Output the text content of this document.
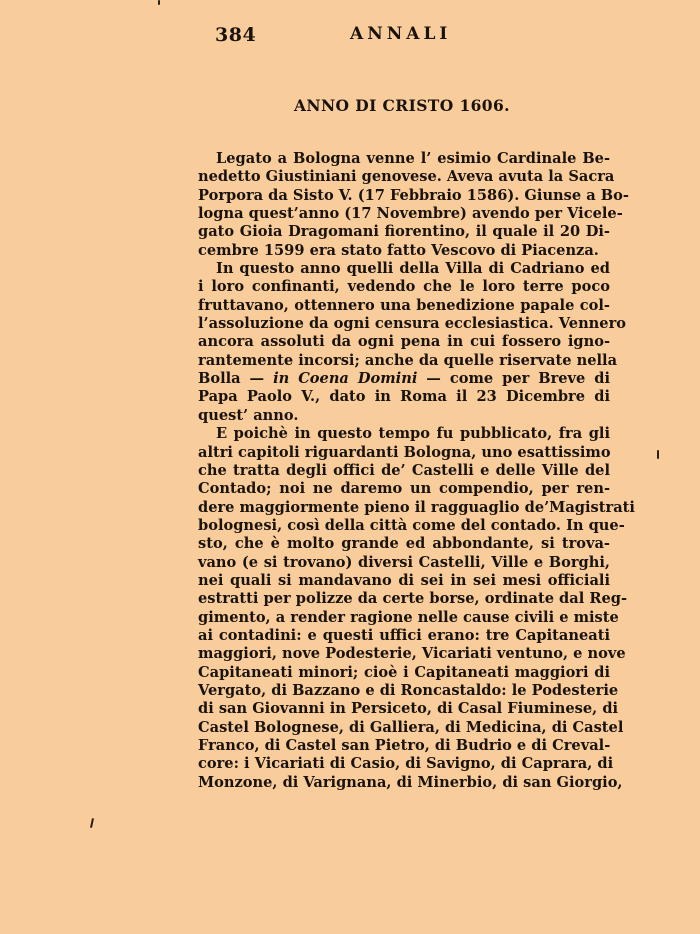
384	ANNALI
ANNO DI CRISTO 1606.
Legato a Bologna venne l’ esimio Cardinale Be-
nedetto Giustiniani genovese. Aveva avuta la Sacra
Porpora da Sisto V. (17 Febbraio 1586). Giunse a Bo-
logna quest’anno (17 Novembre) avendo per Vicele-
gato Gioia Dragomani fiorentino, il quale il 20 Di-
cembre 1599 era stato fatto Vescovo di Piacenza.
In questo anno quelli della Villa di Cadriano ed
i loro confinanti, vedendo che le loro terre poco
fruttavano, ottennero una benedizione papale col-
l’assoluzione da ogni censura ecclesiastica. Vennero
ancora assoluti da ogni pena in cui fossero igno-
rantemente incorsi; anche da quelle riservate nella
Bolla — in Coena Domini — come per Breve di
Papa Paolo V., dato in Roma il 23 Dicembre di
quest’ anno.
E poichè in questo tempo fu pubblicato, fra gli
altri capitoli riguardanti Bologna, uno esattissimo
che tratta degli offici de’ Castelli e delle Ville del
Contado; noi ne daremo un compendio, per ren-
dere maggiormente pieno il ragguaglio de’Magistrati
bolognesi, così della città come del contado. In que-
sto, che è molto grande ed abbondante, si trova-
vano (e si trovano) diversi Castelli, Ville e Borghi,
nei quali si mandavano di sei in sei mesi officiali
estratti per polizze da certe borse, ordinate dal Reg-
gimento, a render ragione nelle cause civili e miste
ai contadini: e questi uffici erano: tre Capitaneati
maggiori, nove Podesterie, Vicariati ventuno, e nove
Capitaneati minori; cioè i Capitaneati maggiori di
Vergato, di Bazzano e di Roncastaldo: le Podesterie
di san Giovanni in Persiceto, di Casal Fiuminese, di
Castel Bolognese, di Galliera, di Medicina, di Castel
Franco, di Castel san Pietro, di Budrio e di Creval-
core: i Vicariati di Casio, di Savigno, di Caprara, di
Monzone, di Varignana, di Minerbio, di san Giorgio,
